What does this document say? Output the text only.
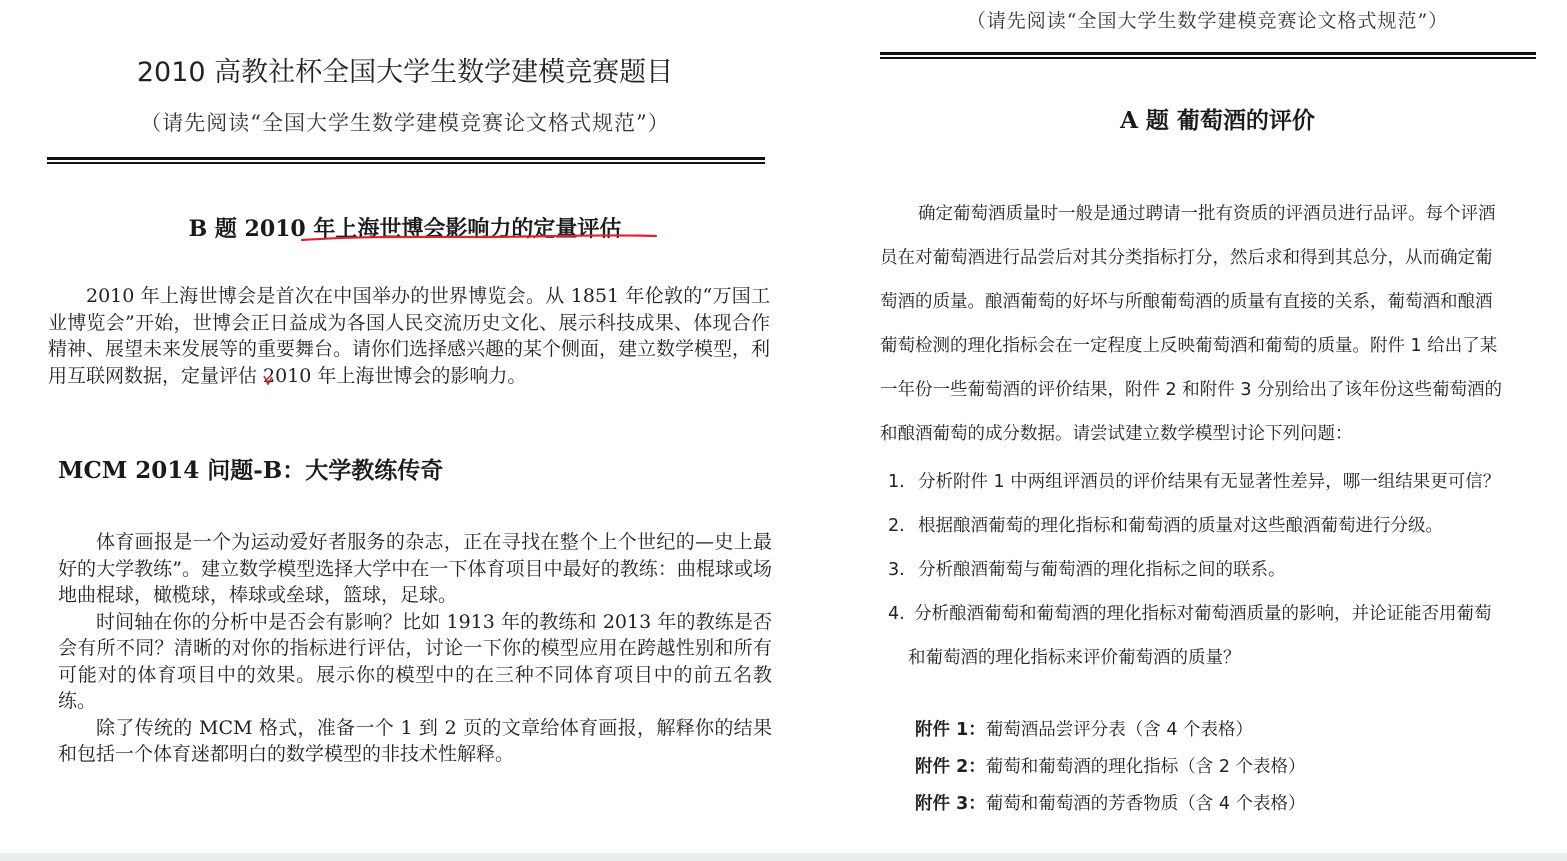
2010 高教社杯全国大学生数学建模竞赛题目
（请先阅读“全国大学生数学建模竞赛论文格式规范”）
B 题 2010 年上海世博会影响力的定量评估

2010 年上海世博会是首次在中国举办的世界博览会。从 1851 年伦敦的“万国工业博览会”开始，世博会正日益成为各国人民交流历史文化、展示科技成果、体现合作精神、展望未来发展等的重要舞台。请你们选择感兴趣的某个侧面，建立数学模型，利用互联网数据，定量评估 2010 年上海世博会的影响力。

MCM 2014 问题-B：大学教练传奇

体育画报是一个为运动爱好者服务的杂志，正在寻找在整个上个世纪的—史上最好的大学教练”。建立数学模型选择大学中在一下体育项目中最好的教练：曲棍球或场地曲棍球，橄榄球，棒球或垒球，篮球，足球。

时间轴在你的分析中是否会有影响？比如 1913 年的教练和 2013 年的教练是否会有所不同？清晰的对你的指标进行评估，讨论一下你的模型应用在跨越性别和所有可能对的体育项目中的效果。展示你的模型中的在三种不同体育项目中的前五名教练。

除了传统的 MCM 格式，准备一个 1 到 2 页的文章给体育画报，解释你的结果和包括一个体育迷都明白的数学模型的非技术性解释。

（请先阅读“全国大学生数学建模竞赛论文格式规范”）
A 题 葡萄酒的评价
确定葡萄酒质量时一般是通过聘请一批有资质的评酒员进行品评。每个评酒
员在对葡萄酒进行品尝后对其分类指标打分，然后求和得到其总分，从而确定葡
萄酒的质量。酿酒葡萄的好坏与所酿葡萄酒的质量有直接的关系，葡萄酒和酿酒
葡萄检测的理化指标会在一定程度上反映葡萄酒和葡萄的质量。附件 1 给出了某
一年份一些葡萄酒的评价结果，附件 2 和附件 3 分别给出了该年份这些葡萄酒的
和酿酒葡萄的成分数据。请尝试建立数学模型讨论下列问题：
1. 分析附件 1 中两组评酒员的评价结果有无显著性差异，哪一组结果更可信？
2. 根据酿酒葡萄的理化指标和葡萄酒的质量对这些酿酒葡萄进行分级。
3. 分析酿酒葡萄与葡萄酒的理化指标之间的联系。
4. 分析酿酒葡萄和葡萄酒的理化指标对葡萄酒质量的影响，并论证能否用葡萄
和葡萄酒的理化指标来评价葡萄酒的质量？
附件 1：葡萄酒品尝评分表（含 4 个表格）
附件 2：葡萄和葡萄酒的理化指标（含 2 个表格）
附件 3：葡萄和葡萄酒的芳香物质（含 4 个表格）
